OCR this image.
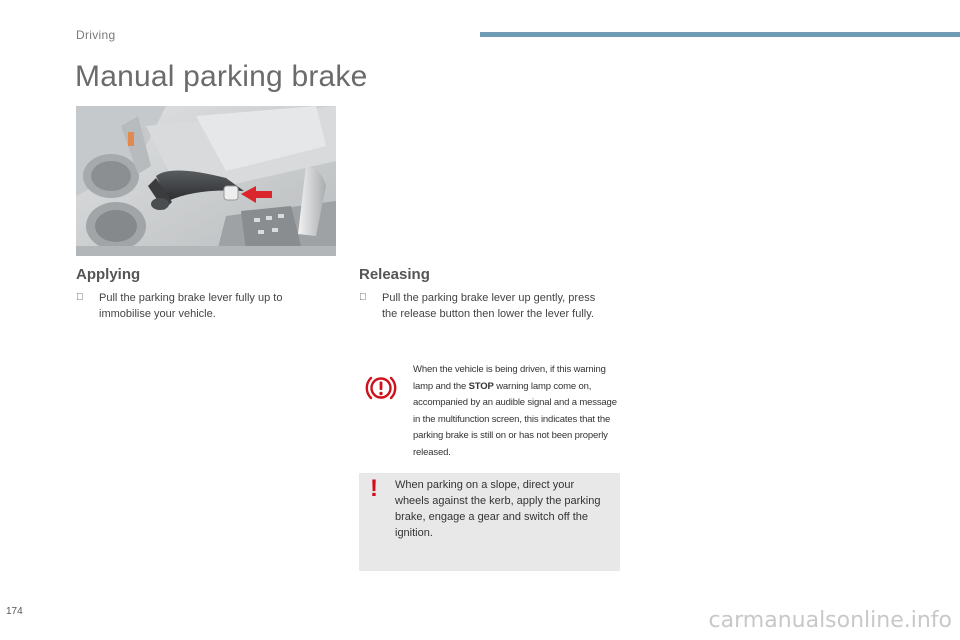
Driving
Manual parking brake
Applying
Pull the parking brake lever fully up to immobilise your vehicle.
Releasing
Pull the parking brake lever up gently, press the release button then lower the lever fully.
When the vehicle is being driven, if this warning lamp and the STOP warning lamp come on, accompanied by an audible signal and a message in the multifunction screen, this indicates that the parking brake is still on or has not been properly released.
! When parking on a slope, direct your wheels against the kerb, apply the parking brake, engage a gear and switch off the ignition.
174	carmanualsonline.info
